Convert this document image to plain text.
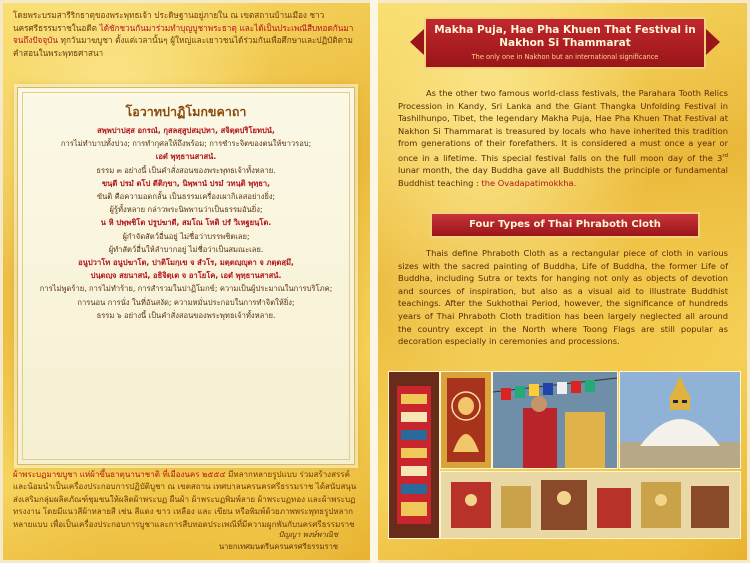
โดยพระบรมสารีริกธาตุของพระพุทธเจ้า ประดิษฐานอยู่ภายใน ณ เขตสถานบ้านเมือง ชาวนครศรีธรรมราชในอดีต ได้ชักชวนกันมาร่วมทำบุญบูชาพระธาตุ และได้เป็นประเพณีสืบทอดกันมาจนถึงปัจจุบัน ทุกวันมาฆบูชา ตั้งแต่เวลานั้นๆ ผู้ใหญ่และเยาวชนได้ร่วมกันเพื่อศึกษาและปฏิบัติตามคำสอนในพระพุทธศาสนา
โอวาทปาฏิโมกขคาถา
สพฺพปาปสฺส อกรณํ, กุสลสฺสูปสมฺปทา, สจิตฺตปริโยทปนํ,
การไม่ทำบาปทั้งปวง; การทำกุศลให้ถึงพร้อม; การชำระจิตของตนให้ขาวรอบ;
เอตํ พุทฺธานสาสนํ.
ธรรม ๓ อย่างนี้ เป็นคำสั่งสอนของพระพุทธเจ้าทั้งหลาย.
ขนฺตี ปรมํ ตโป ตีติกฺขา, นิพฺพานํ ปรมํ วทนฺติ พุทฺธา,
ขันติ คือความอดกลั้น เป็นธรรมเครื่องเผากิเลสอย่างยิ่ง;
ผู้รู้ทั้งหลาย กล่าวพระนิพพานว่าเป็นธรรมอันยิ่ง;
น หิ ปพฺพชิโต ปรูปฆาตี, สมโณ โหติ ปรํ วิเหฐยนฺโต.
ผู้กำจัดสัตว์อื่นอยู่ ไม่ชื่อว่าบรรพชิตเลย;
ผู้ทำสัตว์อื่นให้ลำบากอยู่ ไม่ชื่อว่าเป็นสมณะเลย.
อนูปวาโท อนูปฆาโต, ปาติโมกฺเข จ สํวโร, มตฺตญฺญุตา จ ภตฺตสฺมึ,
ปนฺตญฺจ สยนาสนํ, อธิจิตฺเต จ อาโยโค, เอตํ พุทฺธานสาสนํ.
การไม่พูดร้าย, การไม่ทำร้าย, การสำรวมในปาฏิโมกข์; ความเป็นผู้ประมาณในการบริโภค;
การนอน การนั่ง ในที่อันสงัด; ความหมั่นประกอบในการทำจิตให้ยิ่ง;
ธรรม ๖ อย่างนี้ เป็นคำสั่งสอนของพระพุทธเจ้าทั้งหลาย.
ผ้าพระบฏมาฆบูชา แห่ผ้าขึ้นธาตุนานาชาติ ที่เมืองนคร ๒๕๕๔ มีหลากหลายรูปแบบ ร่วมสร้างสรรค์และน้อมนำเป็นเครื่องประกอบการปฏิบัติบูชา ณ เขตสถาน เทศบาลนครนครศรีธรรมราช ได้สนับสนุนส่งเสริมกลุ่มผลิตภัณฑ์ชุมชนให้ผลิตผ้าพระบฏ ผืนผ้า ผ้าพระบฏพิมพ์ลาย ผ้าพระบฏทอง และผ้าพระบฏทรงงาน โดยมีแนวสีผ้าหลายสี เช่น สีแดง ขาว เหลือง และ เขียน หรือพิมพ์ด้วยภาพพระพุทธรูปหลากหลายแบบ เพื่อเป็นเครื่องประกอบการบูชาและการสืบทอดประเพณีที่มีความผูกพันกับนครศรีธรรมราช
ปัญญา พงษ์พาณิช
นายกเทศมนตรีนครนครศรีธรรมราช
Makha Puja, Hae Pha Khuen That Festival in Nakhon Si Thammarat
The only one in Nakhon but an international significance
As the other two famous world-class festivals, the Parahara Tooth Relics Procession in Kandy, Sri Lanka and the Giant Thangka Unfolding Festival in Tashilhunpo, Tibet, the legendary Makha Puja, Hae Pha Khuen That Festival at Nakhon Si Thammarat is treasured by locals who have inherited this tradition from generations of their forefathers. It is considered a must once a year or once in a lifetime. This special festival falls on the full moon day of the 3rd lunar month, the day Buddha gave all Buddhists the principle or fundamental Buddhist teaching : the Ovadapatimokkha.
Four Types of Thai Phraboth Cloth
Thais define Phraboth Cloth as a rectangular piece of cloth in various sizes with the sacred painting of Buddha, Life of Buddha, the former Life of Buddha, including Sutra or texts for hanging not only as objects of devotion and sources of inspiration, but also as a visual aid to illustrate Buddhist teachings. After the Sukhothai Period, however, the significance of hundreds years of Thai Phraboth Cloth tradition has been largely neglected all around the country except in the North where Toong Flags are still popular as decoration especially in ceremonies and processions.
